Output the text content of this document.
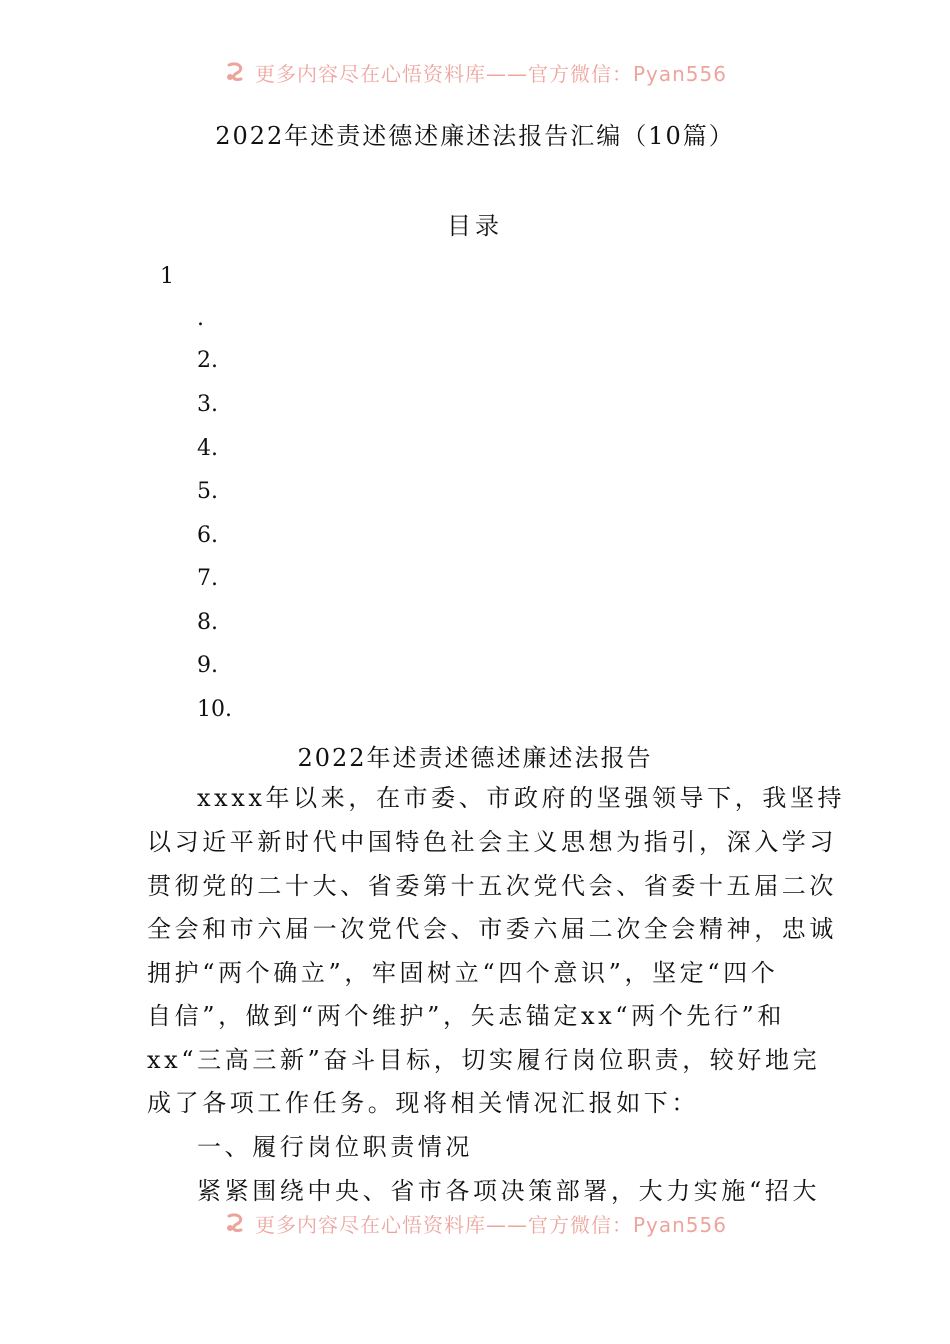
更多内容尽在心悟资料库——官方微信：Pyan556
2022年述责述德述廉述法报告汇编（10篇）
目录
1
.
2.
3.
4.
5.
6.
7.
8.
9.
10.
2022年述责述德述廉述法报告
xxxx年以来，在市委、市政府的坚强领导下，我坚持
以习近平新时代中国特色社会主义思想为指引，深入学习
贯彻党的二十大、省委第十五次党代会、省委十五届二次
全会和市六届一次党代会、市委六届二次全会精神，忠诚
拥护“两个确立”，牢固树立“四个意识”，坚定“四个
自信”，做到“两个维护”，矢志锚定xx“两个先行”和
xx“三高三新”奋斗目标，切实履行岗位职责，较好地完
成了各项工作任务。现将相关情况汇报如下：
一、履行岗位职责情况
紧紧围绕中央、省市各项决策部署，大力实施“招大
更多内容尽在心悟资料库——官方微信：Pyan556
